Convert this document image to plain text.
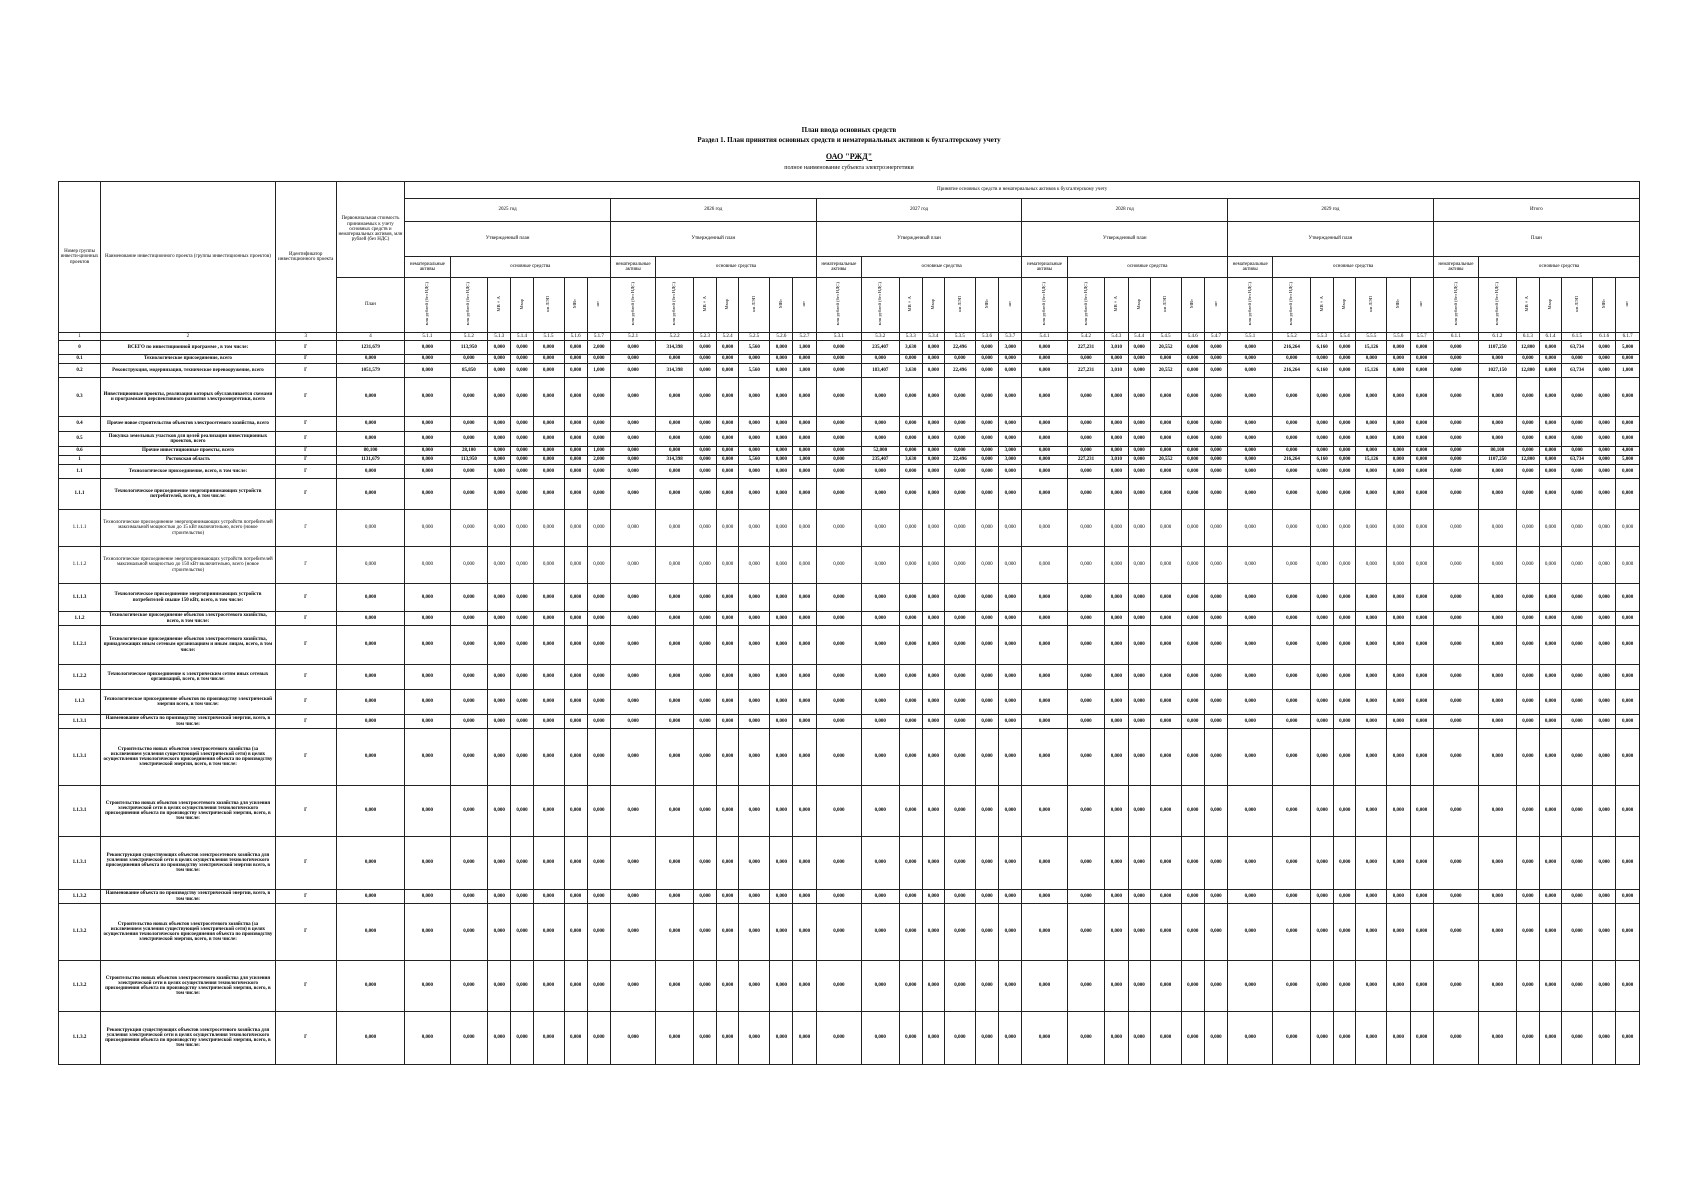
План ввода основных средств
Раздел 1. План принятия основных средств и нематериальных активов к бухгалтерскому учету
ОАО "РЖД"
полное наименование субъекта электроэнергетики
Номер группы инвести-ционных проектов	Наименование инвестиционного проекта (группы инвестиционных проектов)	Идентификатор инвестиционного проекта	Первоначальная стоимость принимаемых к учету основных средств и нематериальных активов, млн рублей (без НДС)	Принятие основных средств и нематериальных активов к бухгалтерскому учету																																									
				2025 год							2026 год							2027 год							2028 год							2029 год							Итого						
				Утвержденный план							Утвержденный план							Утвержденный план							Утвержденный план							Утвержденный план							План						
				нематериальные активы	основные средства						нематериальные активы	основные средства						нематериальные активы	основные средства						нематериальные активы	основные средства						нематериальные активы	основные средства						нематериальные активы	основные средства					
			План	млн рублей (без НДС)	млн рублей (без НДС)	МВ×А	Мвар	км ЛЭП	МВт	шт	млн рублей (без НДС)	млн рублей (без НДС)	МВ×А	Мвар	км ЛЭП	МВт	шт	млн рублей (без НДС)	млн рублей (без НДС)	МВ×А	Мвар	км ЛЭП	МВт	шт	млн рублей (без НДС)	млн рублей (без НДС)	МВ×А	Мвар	км ЛЭП	МВт	шт	млн рублей (без НДС)	млн рублей (без НДС)	МВ×А	Мвар	км ЛЭП	МВт	шт	млн рублей (без НДС)	млн рублей (без НДС)	МВ×А	Мвар	км ЛЭП	МВт	шт
1	2	3	4	5.1.1	5.1.2	5.1.3	5.1.4	5.1.5	5.1.6	5.1.7	5.2.1	5.2.2	5.2.3	5.2.4	5.2.5	5.2.6	5.2.7	5.3.1	5.3.2	5.3.3	5.3.4	5.3.5	5.3.6	5.3.7	5.4.1	5.4.2	5.4.3	5.4.4	5.4.5	5.4.6	5.4.7	5.5.1	5.5.2	5.5.3	5.5.4	5.5.5	5.5.6	5.5.7	6.1.1	6.1.2	6.1.3	6.1.4	6.1.5	6.1.6	6.1.7
0	ВСЕГО по инвестиционной программе , в том числе:	Г	1231,679	0,000	113,950	0,000	0,000	0,000	0,000	2,000	0,000	314,398	0,000	0,000	5,560	0,000	1,000	0,000	235,407	3,630	0,000	22,496	0,000	3,000	0,000	227,231	3,010	0,000	20,552	0,000	0,000	0,000	216,264	6,160	0,000	15,126	0,000	0,000	0,000	1107,250	12,800	0,000	63,734	0,000	5,000
0.1	Технологическое присоединение, всего	Г	0,000	0,000	0,000	0,000	0,000	0,000	0,000	0,000	0,000	0,000	0,000	0,000	0,000	0,000	0,000	0,000	0,000	0,000	0,000	0,000	0,000	0,000	0,000	0,000	0,000	0,000	0,000	0,000	0,000	0,000	0,000	0,000	0,000	0,000	0,000	0,000	0,000	0,000	0,000	0,000	0,000	0,000	0,000
0.2	Реконструкция, модернизация, техническое перевооружение, всего	Г	1051,579	0,000	85,850	0,000	0,000	0,000	0,000	1,000	0,000	314,398	0,000	0,000	5,560	0,000	1,000	0,000	183,407	3,630	0,000	22,496	0,000	0,000	0,000	227,231	3,010	0,000	20,552	0,000	0,000	0,000	216,264	6,160	0,000	15,126	0,000	0,000	0,000	1027,150	12,800	0,000	63,734	0,000	1,000
0.3	Инвестиционные проекты, реализация которых обуславливается схемами и программами перспективного развития электроэнергетики, всего	Г	0,000	0,000	0,000	0,000	0,000	0,000	0,000	0,000	0,000	0,000	0,000	0,000	0,000	0,000	0,000	0,000	0,000	0,000	0,000	0,000	0,000	0,000	0,000	0,000	0,000	0,000	0,000	0,000	0,000	0,000	0,000	0,000	0,000	0,000	0,000	0,000	0,000	0,000	0,000	0,000	0,000	0,000	0,000
0.4	Прочее новое строительство объектов электросетевого хозяйства, всего	Г	0,000	0,000	0,000	0,000	0,000	0,000	0,000	0,000	0,000	0,000	0,000	0,000	0,000	0,000	0,000	0,000	0,000	0,000	0,000	0,000	0,000	0,000	0,000	0,000	0,000	0,000	0,000	0,000	0,000	0,000	0,000	0,000	0,000	0,000	0,000	0,000	0,000	0,000	0,000	0,000	0,000	0,000	0,000
0.5	Покупка земельных участков для целей реализации инвестиционных проектов, всего	Г	0,000	0,000	0,000	0,000	0,000	0,000	0,000	0,000	0,000	0,000	0,000	0,000	0,000	0,000	0,000	0,000	0,000	0,000	0,000	0,000	0,000	0,000	0,000	0,000	0,000	0,000	0,000	0,000	0,000	0,000	0,000	0,000	0,000	0,000	0,000	0,000	0,000	0,000	0,000	0,000	0,000	0,000	0,000
0.6	Прочие инвестиционные проекты, всего	Г	80,100	0,000	28,100	0,000	0,000	0,000	0,000	1,000	0,000	0,000	0,000	0,000	0,000	0,000	0,000	0,000	52,000	0,000	0,000	0,000	0,000	3,000	0,000	0,000	0,000	0,000	0,000	0,000	0,000	0,000	0,000	0,000	0,000	0,000	0,000	0,000	0,000	80,100	0,000	0,000	0,000	0,000	4,000
1	Ростовская область	Г	1131,679	0,000	113,950	0,000	0,000	0,000	0,000	2,000	0,000	314,398	0,000	0,000	5,560	0,000	1,000	0,000	235,407	3,630	0,000	22,496	0,000	3,000	0,000	227,231	3,010	0,000	20,552	0,000	0,000	0,000	216,264	6,160	0,000	15,126	0,000	0,000	0,000	1107,250	12,800	0,000	63,734	0,000	5,000
1.1	Технологическое присоединение, всего, в том числе:	Г	0,000	0,000	0,000	0,000	0,000	0,000	0,000	0,000	0,000	0,000	0,000	0,000	0,000	0,000	0,000	0,000	0,000	0,000	0,000	0,000	0,000	0,000	0,000	0,000	0,000	0,000	0,000	0,000	0,000	0,000	0,000	0,000	0,000	0,000	0,000	0,000	0,000	0,000	0,000	0,000	0,000	0,000	0,000
1.1.1	Технологическое присоединение энергопринимающих устройств потребителей, всего, в том числе:	Г	0,000	0,000	0,000	0,000	0,000	0,000	0,000	0,000	0,000	0,000	0,000	0,000	0,000	0,000	0,000	0,000	0,000	0,000	0,000	0,000	0,000	0,000	0,000	0,000	0,000	0,000	0,000	0,000	0,000	0,000	0,000	0,000	0,000	0,000	0,000	0,000	0,000	0,000	0,000	0,000	0,000	0,000	0,000
1.1.1.1	Технологическое присоединение энергопринимающих устройств потребителей максимальной мощностью до 15 кВт включительно, всего (новое строительство)	Г	0,000	0,000	0,000	0,000	0,000	0,000	0,000	0,000	0,000	0,000	0,000	0,000	0,000	0,000	0,000	0,000	0,000	0,000	0,000	0,000	0,000	0,000	0,000	0,000	0,000	0,000	0,000	0,000	0,000	0,000	0,000	0,000	0,000	0,000	0,000	0,000	0,000	0,000	0,000	0,000	0,000	0,000	0,000
1.1.1.2	Технологическое присоединение энергопринимающих устройств потребителей максимальной мощностью до 150 кВт включительно, всего (новое строительство)	Г	0,000	0,000	0,000	0,000	0,000	0,000	0,000	0,000	0,000	0,000	0,000	0,000	0,000	0,000	0,000	0,000	0,000	0,000	0,000	0,000	0,000	0,000	0,000	0,000	0,000	0,000	0,000	0,000	0,000	0,000	0,000	0,000	0,000	0,000	0,000	0,000	0,000	0,000	0,000	0,000	0,000	0,000	0,000
1.1.1.3	Технологическое присоединение энергопринимающих устройств потребителей свыше 150 кВт, всего, в том числе:	Г	0,000	0,000	0,000	0,000	0,000	0,000	0,000	0,000	0,000	0,000	0,000	0,000	0,000	0,000	0,000	0,000	0,000	0,000	0,000	0,000	0,000	0,000	0,000	0,000	0,000	0,000	0,000	0,000	0,000	0,000	0,000	0,000	0,000	0,000	0,000	0,000	0,000	0,000	0,000	0,000	0,000	0,000	0,000
1.1.2	Технологическое присоединение объектов электросетевого хозяйства, всего, в том числе:	Г	0,000	0,000	0,000	0,000	0,000	0,000	0,000	0,000	0,000	0,000	0,000	0,000	0,000	0,000	0,000	0,000	0,000	0,000	0,000	0,000	0,000	0,000	0,000	0,000	0,000	0,000	0,000	0,000	0,000	0,000	0,000	0,000	0,000	0,000	0,000	0,000	0,000	0,000	0,000	0,000	0,000	0,000	0,000
1.1.2.1	Технологическое присоединение объектов электросетевого хозяйства, принадлежащих иным сетевым организациям и иным лицам, всего, в том числе:	Г	0,000	0,000	0,000	0,000	0,000	0,000	0,000	0,000	0,000	0,000	0,000	0,000	0,000	0,000	0,000	0,000	0,000	0,000	0,000	0,000	0,000	0,000	0,000	0,000	0,000	0,000	0,000	0,000	0,000	0,000	0,000	0,000	0,000	0,000	0,000	0,000	0,000	0,000	0,000	0,000	0,000	0,000	0,000
1.1.2.2	Технологическое присоединение к электрическим сетям иных сетевых организаций, всего, в том числе:	Г	0,000	0,000	0,000	0,000	0,000	0,000	0,000	0,000	0,000	0,000	0,000	0,000	0,000	0,000	0,000	0,000	0,000	0,000	0,000	0,000	0,000	0,000	0,000	0,000	0,000	0,000	0,000	0,000	0,000	0,000	0,000	0,000	0,000	0,000	0,000	0,000	0,000	0,000	0,000	0,000	0,000	0,000	0,000
1.1.3	Технологическое присоединение объектов по производству электрической энергии всего, в том числе:	Г	0,000	0,000	0,000	0,000	0,000	0,000	0,000	0,000	0,000	0,000	0,000	0,000	0,000	0,000	0,000	0,000	0,000	0,000	0,000	0,000	0,000	0,000	0,000	0,000	0,000	0,000	0,000	0,000	0,000	0,000	0,000	0,000	0,000	0,000	0,000	0,000	0,000	0,000	0,000	0,000	0,000	0,000	0,000
1.1.3.1	Наименование объекта по производству электрической энергии, всего, в том числе:	Г	0,000	0,000	0,000	0,000	0,000	0,000	0,000	0,000	0,000	0,000	0,000	0,000	0,000	0,000	0,000	0,000	0,000	0,000	0,000	0,000	0,000	0,000	0,000	0,000	0,000	0,000	0,000	0,000	0,000	0,000	0,000	0,000	0,000	0,000	0,000	0,000	0,000	0,000	0,000	0,000	0,000	0,000	0,000
1.1.3.1	Строительство новых объектов электросетевого хозяйства (за исключением усиления существующей электрической сети) в целях осуществления технологического присоединения объекта по производству электрической энергии, всего, в том числе:	Г	0,000	0,000	0,000	0,000	0,000	0,000	0,000	0,000	0,000	0,000	0,000	0,000	0,000	0,000	0,000	0,000	0,000	0,000	0,000	0,000	0,000	0,000	0,000	0,000	0,000	0,000	0,000	0,000	0,000	0,000	0,000	0,000	0,000	0,000	0,000	0,000	0,000	0,000	0,000	0,000	0,000	0,000	0,000
1.1.3.1	Строительство новых объектов электросетевого хозяйства для усиления электрической сети в целях осуществления технологического присоединения объекта по производству электрической энергии, всего, в том числе:	Г	0,000	0,000	0,000	0,000	0,000	0,000	0,000	0,000	0,000	0,000	0,000	0,000	0,000	0,000	0,000	0,000	0,000	0,000	0,000	0,000	0,000	0,000	0,000	0,000	0,000	0,000	0,000	0,000	0,000	0,000	0,000	0,000	0,000	0,000	0,000	0,000	0,000	0,000	0,000	0,000	0,000	0,000	0,000
1.1.3.1	Реконструкция существующих объектов электросетевого хозяйства для усиления электрической сети в целях осуществления технологического присоединения объекта по производству электрической энергии всего, в том числе:	Г	0,000	0,000	0,000	0,000	0,000	0,000	0,000	0,000	0,000	0,000	0,000	0,000	0,000	0,000	0,000	0,000	0,000	0,000	0,000	0,000	0,000	0,000	0,000	0,000	0,000	0,000	0,000	0,000	0,000	0,000	0,000	0,000	0,000	0,000	0,000	0,000	0,000	0,000	0,000	0,000	0,000	0,000	0,000
1.1.3.2	Наименование объекта по производству электрической энергии, всего, в том числе:	Г	0,000	0,000	0,000	0,000	0,000	0,000	0,000	0,000	0,000	0,000	0,000	0,000	0,000	0,000	0,000	0,000	0,000	0,000	0,000	0,000	0,000	0,000	0,000	0,000	0,000	0,000	0,000	0,000	0,000	0,000	0,000	0,000	0,000	0,000	0,000	0,000	0,000	0,000	0,000	0,000	0,000	0,000	0,000
1.1.3.2	Строительство новых объектов электросетевого хозяйства (за исключением усиления существующей электрической сети) в целях осуществления технологического присоединения объекта по производству электрической энергии, всего, в том числе:	Г	0,000	0,000	0,000	0,000	0,000	0,000	0,000	0,000	0,000	0,000	0,000	0,000	0,000	0,000	0,000	0,000	0,000	0,000	0,000	0,000	0,000	0,000	0,000	0,000	0,000	0,000	0,000	0,000	0,000	0,000	0,000	0,000	0,000	0,000	0,000	0,000	0,000	0,000	0,000	0,000	0,000	0,000	0,000
1.1.3.2	Строительство новых объектов электросетевого хозяйства для усиления электрической сети в целях осуществления технологического присоединения объекта по производству электрической энергии, всего, в том числе:	Г	0,000	0,000	0,000	0,000	0,000	0,000	0,000	0,000	0,000	0,000	0,000	0,000	0,000	0,000	0,000	0,000	0,000	0,000	0,000	0,000	0,000	0,000	0,000	0,000	0,000	0,000	0,000	0,000	0,000	0,000	0,000	0,000	0,000	0,000	0,000	0,000	0,000	0,000	0,000	0,000	0,000	0,000	0,000
1.1.3.2	Реконструкция существующих объектов электросетевого хозяйства для усиления электрической сети в целях осуществления технологического присоединения объекта по производству электрической энергии, всего, в том числе:	Г	0,000	0,000	0,000	0,000	0,000	0,000	0,000	0,000	0,000	0,000	0,000	0,000	0,000	0,000	0,000	0,000	0,000	0,000	0,000	0,000	0,000	0,000	0,000	0,000	0,000	0,000	0,000	0,000	0,000	0,000	0,000	0,000	0,000	0,000	0,000	0,000	0,000	0,000	0,000	0,000	0,000	0,000	0,000
